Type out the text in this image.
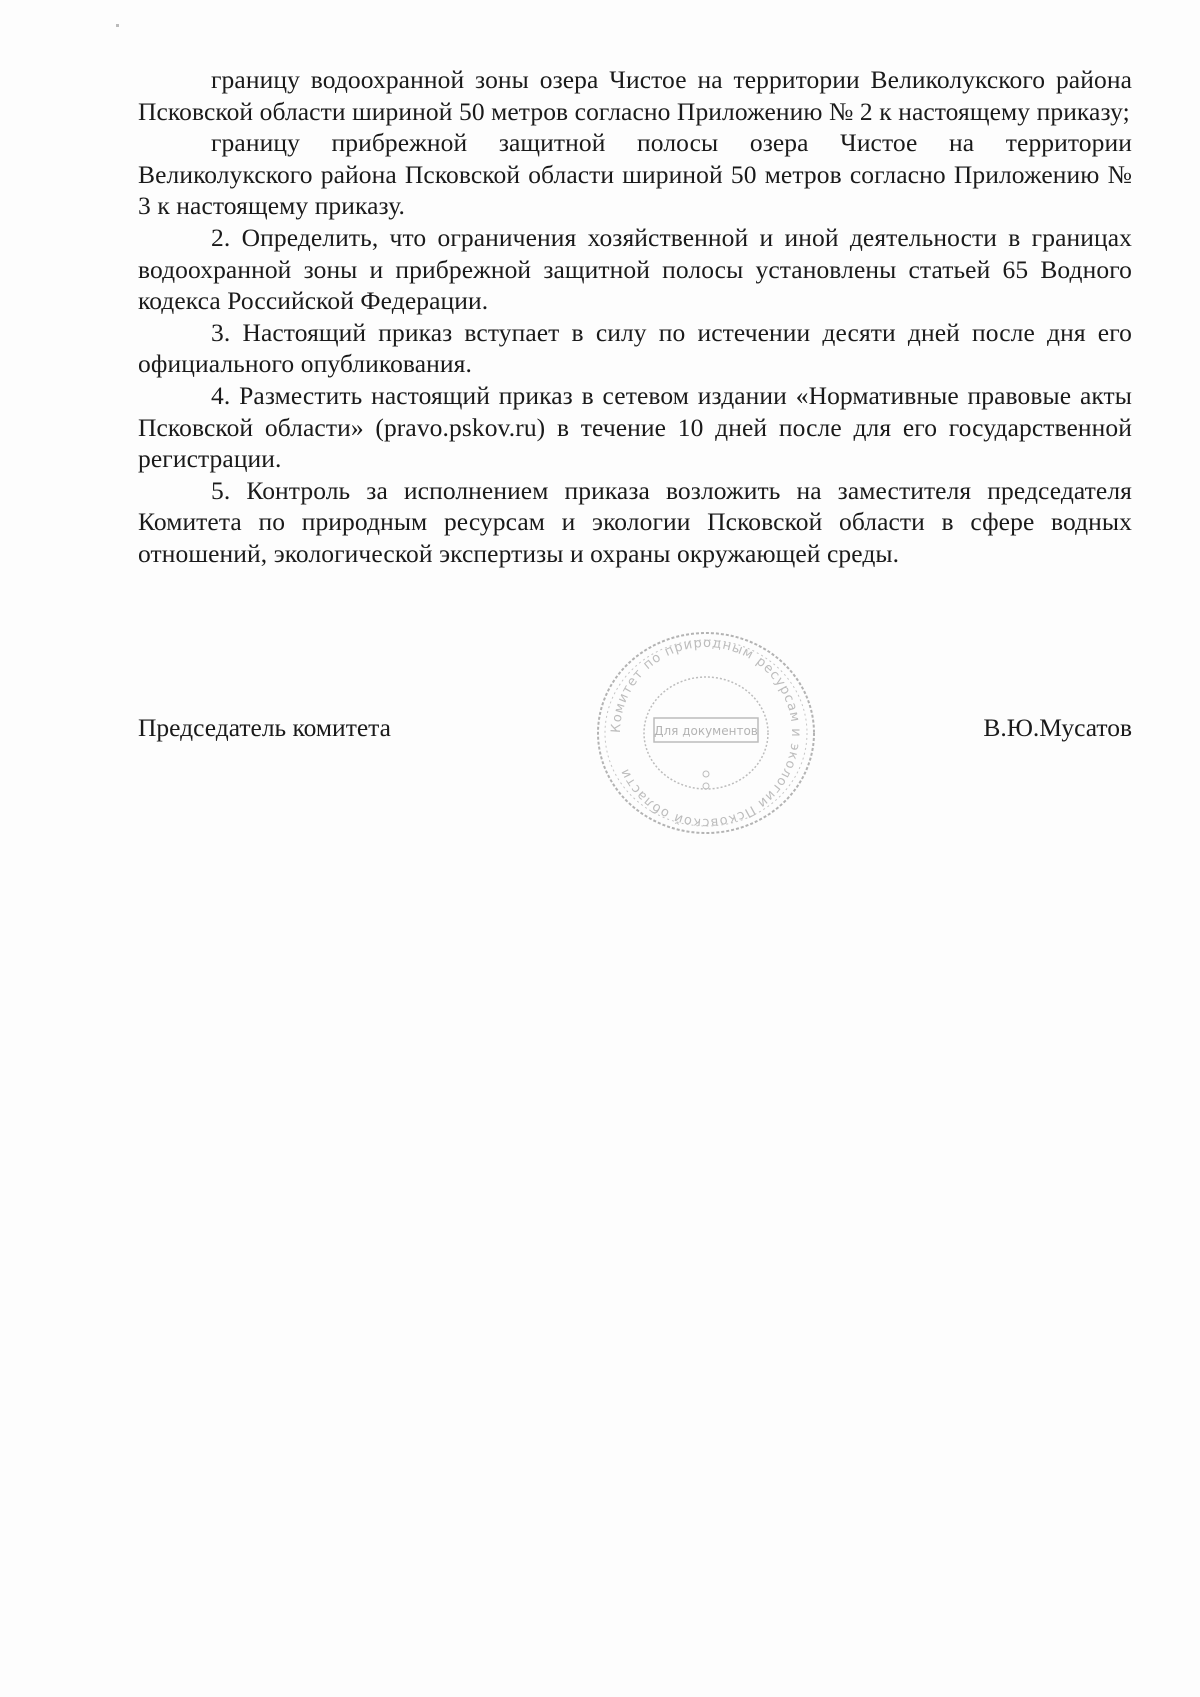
границу водоохранной зоны озера Чистое на территории Великолукского района Псковской области шириной 50 метров согласно Приложению № 2 к настоящему приказу;

границу прибрежной защитной полосы озера Чистое на территории Великолукского района Псковской области шириной 50 метров согласно Приложению № 3 к настоящему приказу.

2. Определить, что ограничения хозяйственной и иной деятельности в границах водоохранной зоны и прибрежной защитной полосы установлены статьей 65 Водного кодекса Российской Федерации.

3. Настоящий приказ вступает в силу по истечении десяти дней после дня его официального опубликования.

4. Разместить настоящий приказ в сетевом издании «Нормативные правовые акты Псковской области» (pravo.pskov.ru) в течение 10 дней после для его государственной регистрации.

5. Контроль за исполнением приказа возложить на заместителя председателя Комитета по природным ресурсам и экологии Псковской области в сфере водных отношений, экологической экспертизы и охраны окружающей среды.

Председатель комитета	В.Ю.Мусатов
Комитет по природным ресурсам и экологии Псковской области
Для документов
